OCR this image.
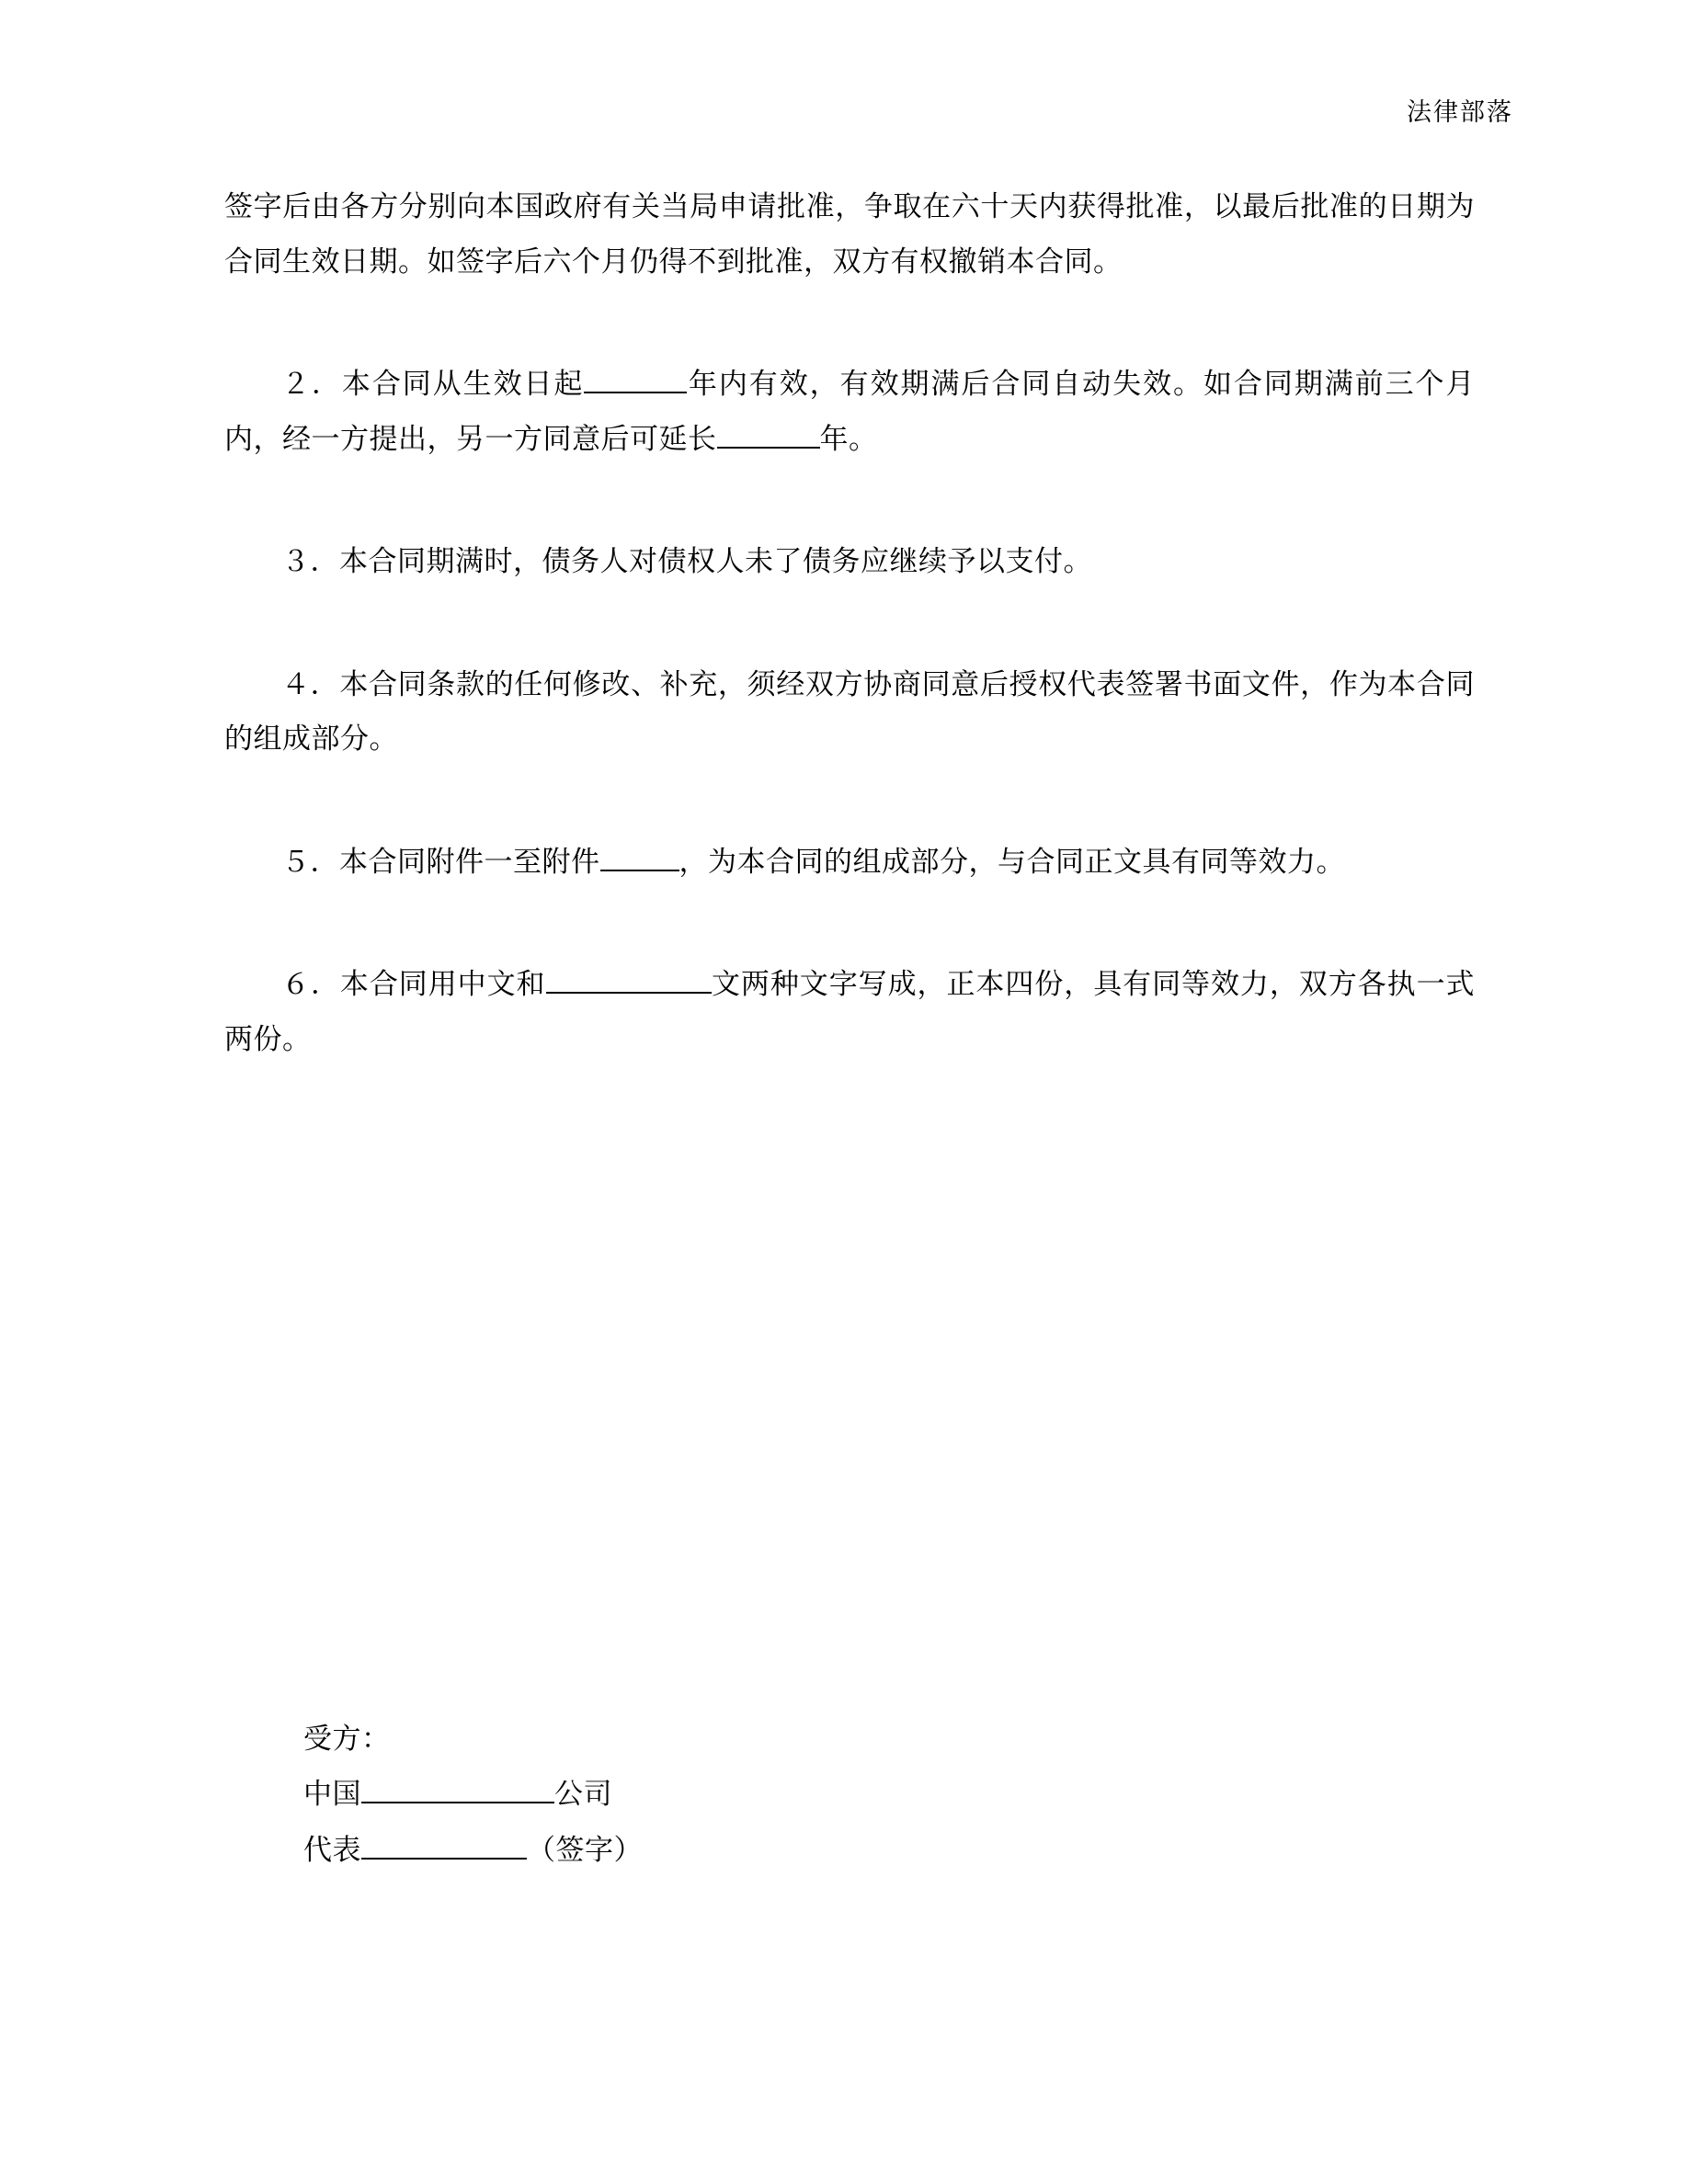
法律部落

签字后由各方分别向本国政府有关当局申请批准，争取在六十天内获得批准，以最后批准的日期为合同生效日期。如签字后六个月仍得不到批准，双方有权撤销本合同。

２．本合同从生效日起	年内有效，有效期满后合同自动失效。如合同期满前三个月内，经一方提出，另一方同意后可延长	年。

３．本合同期满时，债务人对债权人未了债务应继续予以支付。

４．本合同条款的任何修改、补充，须经双方协商同意后授权代表签署书面文件，作为本合同的组成部分。

５．本合同附件一至附件	，为本合同的组成部分，与合同正文具有同等效力。

６．本合同用中文和	文两种文字写成，正本四份，具有同等效力，双方各执一式两份。

受方：
中国	公司
代表	（签字）
